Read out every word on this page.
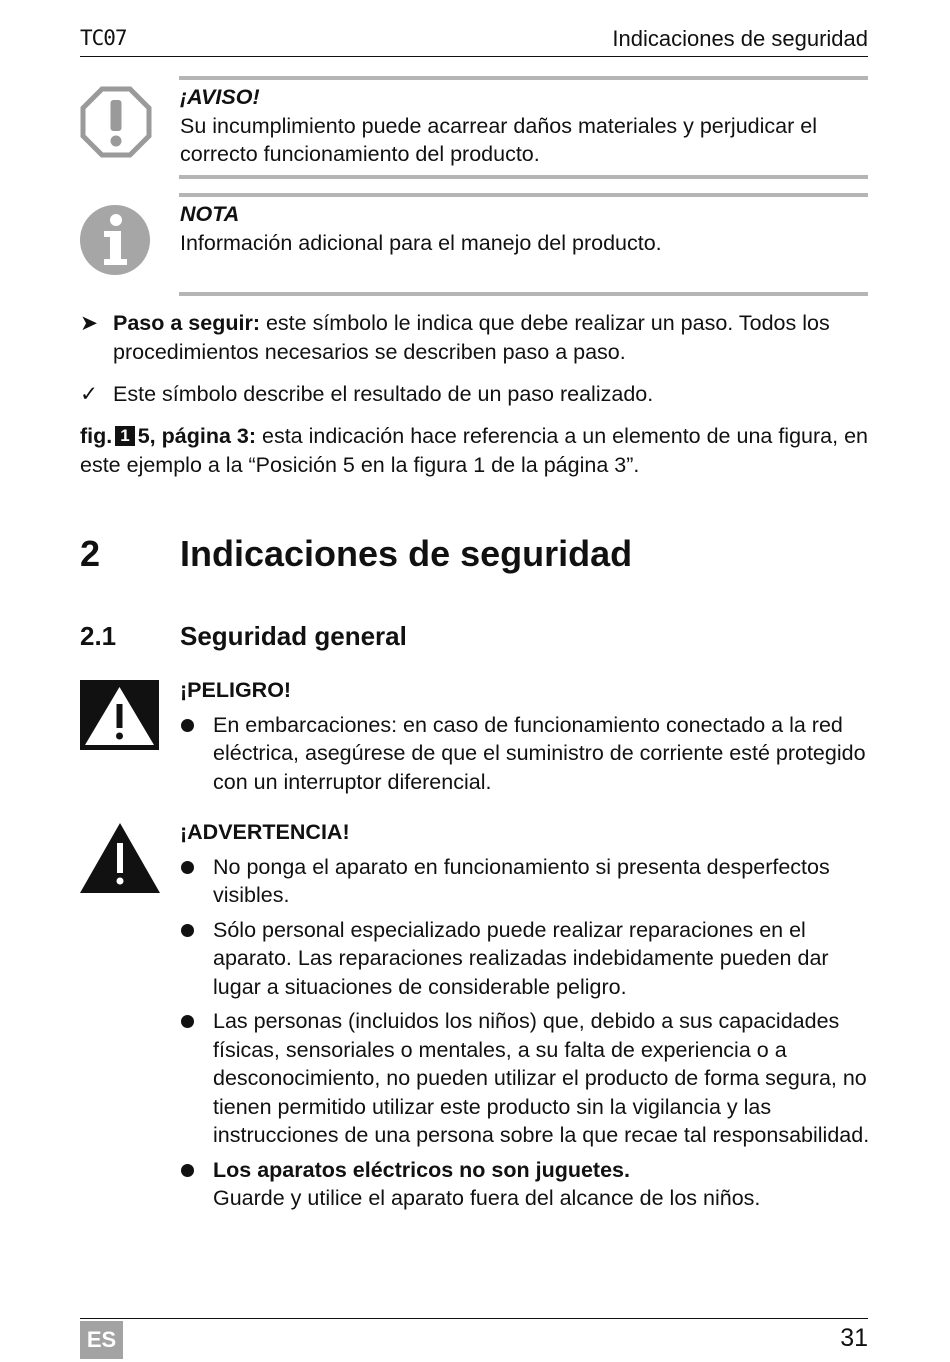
TC07	Indicaciones de seguridad
¡AVISO!
Su incumplimiento puede acarrear daños materiales y perjudicar el correcto funcionamiento del producto.
NOTA
Información adicional para el manejo del producto.
➤ Paso a seguir: este símbolo le indica que debe realizar un paso. Todos los procedimientos necesarios se describen paso a paso.
✓ Este símbolo describe el resultado de un paso realizado.
fig. 1 5, página 3: esta indicación hace referencia a un elemento de una figura, en este ejemplo a la “Posición 5 en la figura 1 de la página 3”.
2 Indicaciones de seguridad
2.1 Seguridad general
¡PELIGRO!
En embarcaciones: en caso de funcionamiento conectado a la red eléctrica, asegúrese de que el suministro de corriente esté protegido con un interruptor diferencial.
¡ADVERTENCIA!
No ponga el aparato en funcionamiento si presenta desperfectos visibles.
Sólo personal especializado puede realizar reparaciones en el aparato. Las reparaciones realizadas indebidamente pueden dar lugar a situaciones de considerable peligro.
Las personas (incluidos los niños) que, debido a sus capacidades físicas, sensoriales o mentales, a su falta de experiencia o a desconocimiento, no pueden utilizar el producto de forma segura, no tienen permitido utilizar este producto sin la vigilancia y las instrucciones de una persona sobre la que recae tal responsabilidad.
Los aparatos eléctricos no son juguetes.
Guarde y utilice el aparato fuera del alcance de los niños.
ES	31
